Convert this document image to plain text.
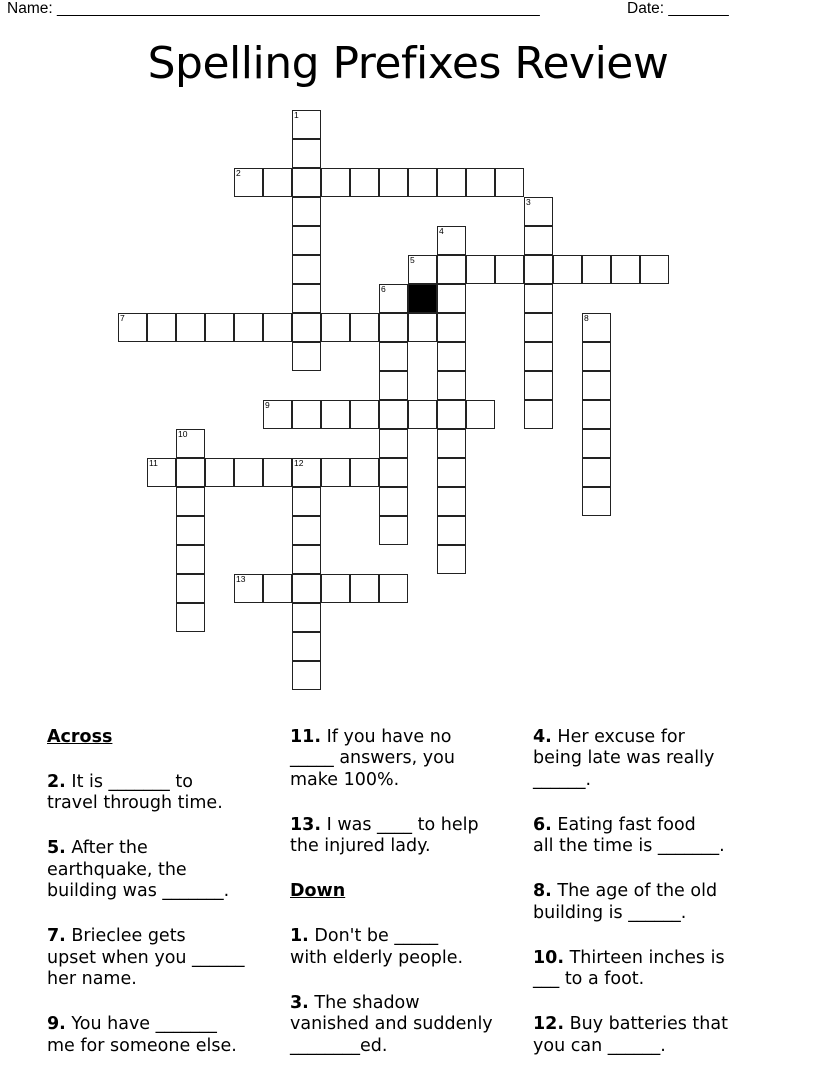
Name: ________________________________________________________	Date: _______
Spelling Prefixes Review
1
2
3
4
5
6
7	8
9
10
11	12
13

Across

2. It is _______ to
travel through time.

5. After the
earthquake, the
building was _______.

7. Brieclee gets
upset when you ______
her name.

9. You have _______
me for someone else.

11. If you have no
_____ answers, you
make 100%.

13. I was ____ to help
the injured lady.

Down

1. Don't be _____
with elderly people.

3. The shadow
vanished and suddenly
________ed.

4. Her excuse for
being late was really
______.

6. Eating fast food
all the time is _______.

8. The age of the old
building is ______.

10. Thirteen inches is
___ to a foot.

12. Buy batteries that
you can ______.
